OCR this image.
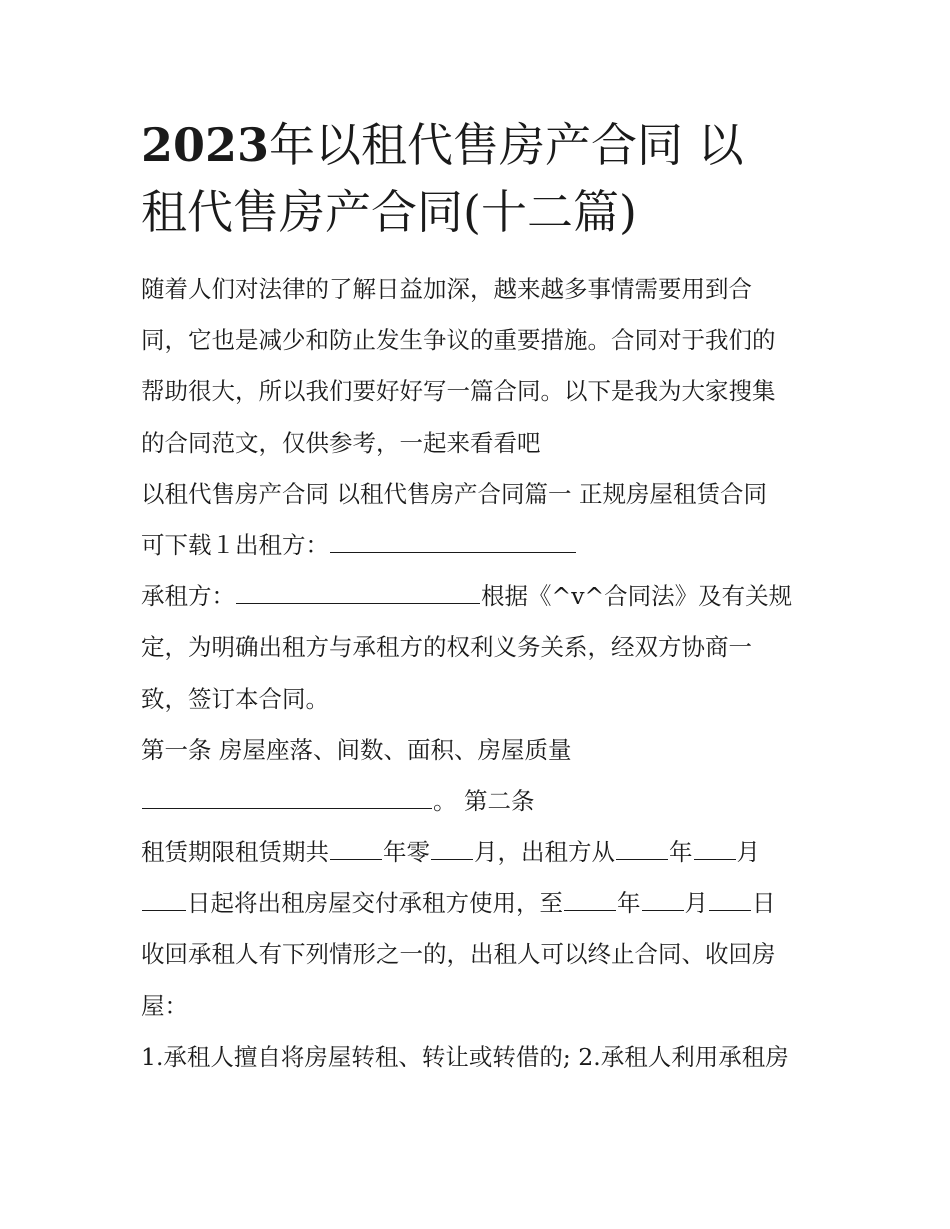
2023年以租代售房产合同 以
租代售房产合同(十二篇)
随着人们对法律的了解日益加深，越来越多事情需要用到合
同，它也是减少和防止发生争议的重要措施。合同对于我们的
帮助很大，所以我们要好好写一篇合同。以下是我为大家搜集
的合同范文，仅供参考，一起来看看吧
以租代售房产合同 以租代售房产合同篇一 正规房屋租赁合同
可下载１出租方：
承租方：	根据《^v^合同法》及有关规
定，为明确出租方与承租方的权利义务关系，经双方协商一
致，签订本合同。
第一条 房屋座落、间数、面积、房屋质量
。 第二条
租赁期限租赁期共 年零 月，出租方从 年 月
日起将出租房屋交付承租方使用，至 年 月 日
收回承租人有下列情形之一的，出租人可以终止合同、收回房
屋：
1.承租人擅自将房屋转租、转让或转借的; 2.承租人利用承租房
